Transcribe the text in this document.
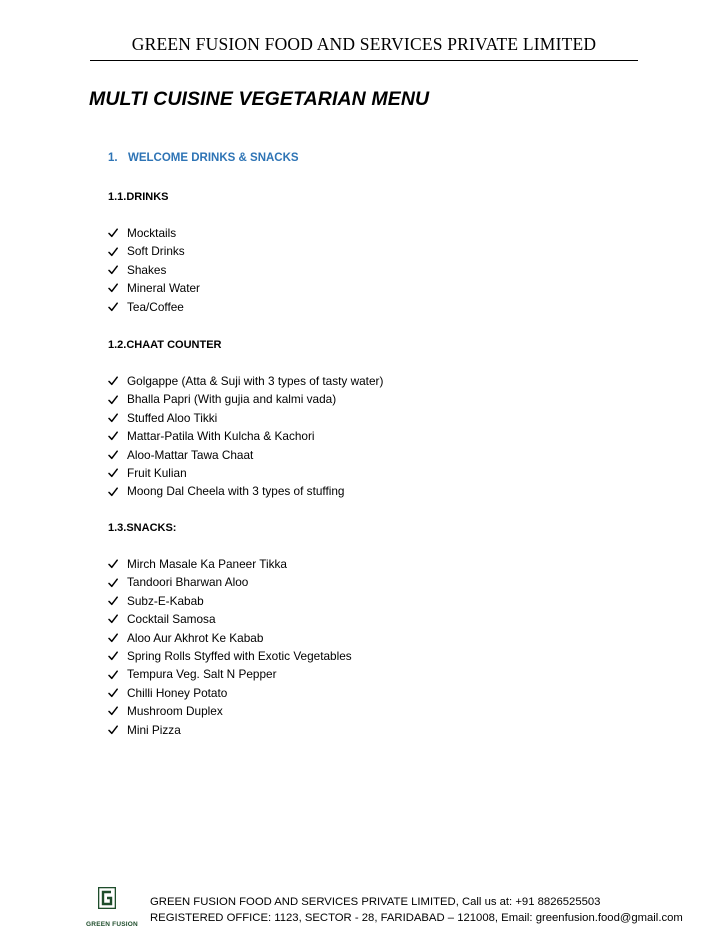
GREEN FUSION FOOD AND SERVICES PRIVATE LIMITED
MULTI CUISINE VEGETARIAN MENU
1. WELCOME DRINKS & SNACKS
1.1.DRINKS
Mocktails
Soft Drinks
Shakes
Mineral Water
Tea/Coffee
1.2.CHAAT COUNTER
Golgappe (Atta & Suji with 3 types of tasty water)
Bhalla Papri (With gujia and kalmi vada)
Stuffed Aloo Tikki
Mattar-Patila With Kulcha & Kachori
Aloo-Mattar Tawa Chaat
Fruit Kulian
Moong Dal Cheela with 3 types of stuffing
1.3.SNACKS:
Mirch Masale Ka Paneer Tikka
Tandoori Bharwan Aloo
Subz-E-Kabab
Cocktail Samosa
Aloo Aur Akhrot Ke Kabab
Spring Rolls Styffed with Exotic Vegetables
Tempura Veg. Salt N Pepper
Chilli Honey Potato
Mushroom Duplex
Mini Pizza
GREEN FUSION
GREEN FUSION FOOD AND SERVICES PRIVATE LIMITED, Call us at: +91 8826525503
REGISTERED OFFICE: 1123, SECTOR - 28, FARIDABAD – 121008, Email: greenfusion.food@gmail.com
